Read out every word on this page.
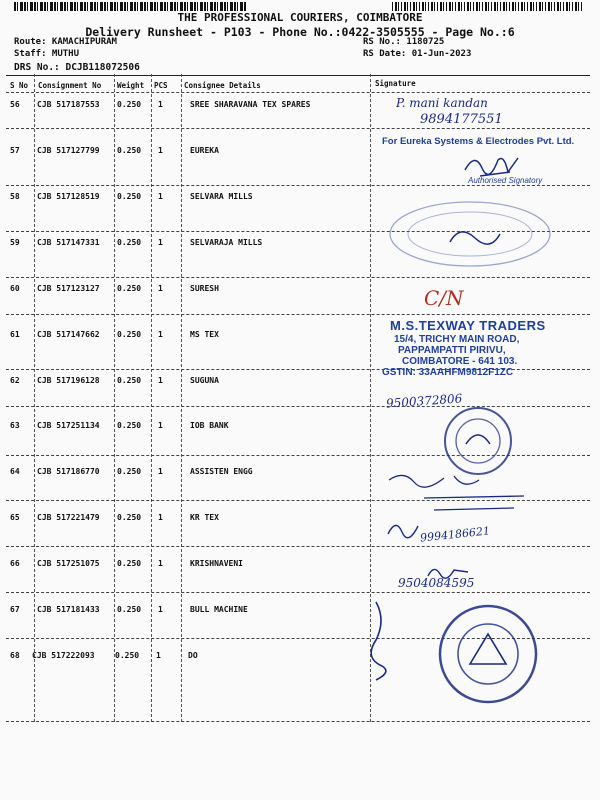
THE PROFESSIONAL COURIERS, COIMBATORE
Delivery Runsheet - P103 - Phone No.:0422-3505555 - Page No.:6
Route: KAMACHIPURAM
Staff: MUTHU
DRS No.: DCJB118072506
RS No.: 1180725
RS Date: 01-Jun-2023
S No Consignment No Weight PCS Consignee Details	Signature
56 CJB 517187553 0.250 1	SREE SHARAVANA TEX SPARES
57 CJB 517127799 0.250 1	EUREKA
58 CJB 517128519 0.250 1	SELVARA MILLS
59 CJB 517147331 0.250 1	SELVARAJA MILLS
60 CJB 517123127 0.250 1	SURESH
61 CJB 517147662 0.250 1	MS TEX
62 CJB 517196128 0.250 1	SUGUNA
63 CJB 517251134 0.250 1	IOB BANK
64 CJB 517186770 0.250 1	ASSISTEN ENGG
65 CJB 517221479 0.250 1	KR TEX
66 CJB 517251075 0.250 1	KRISHNAVENI
67 CJB 517181433 0.250 1	BULL MACHINE
68 CJB 517222093	0.250 1	DO
P. mani kandan
9894177551
For Eureka Systems & Electrodes Pvt. Ltd.
Authorised Signatory
C/N
M.S.TEXWAY TRADERS
15/4, TRICHY MAIN ROAD,
PAPPAMPATTI PIRIVU,
COIMBATORE - 641 103.
GSTIN: 33AAHFM9812F1ZC
9500372806
9994186621
9504084595
